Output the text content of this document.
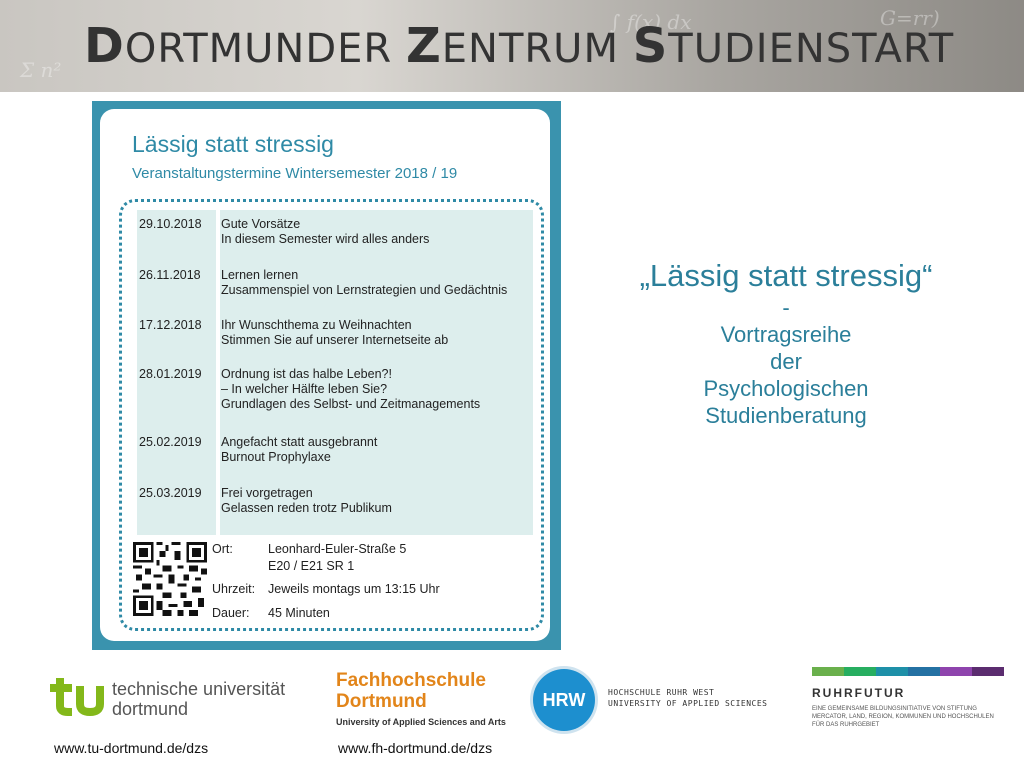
∫ f(x) dx	G=rr)
Σ n² DORTMUNDER ZENTRUM STUDIENSTART
Lässig statt stressig
Veranstaltungstermine Wintersemester 2018 / 19
29.10.2018 Gute Vorsätze
In diesem Semester wird alles anders
26.11.2018 Lernen lernen
Zusammenspiel von Lernstrategien und Gedächtnis
17.12.2018 Ihr Wunschthema zu Weihnachten
Stimmen Sie auf unserer Internetseite ab
28.01.2019 Ordnung ist das halbe Leben?!
– In welcher Hälfte leben Sie?
Grundlagen des Selbst- und Zeitmanagements
25.02.2019 Angefacht statt ausgebrannt
Burnout Prophylaxe
25.03.2019 Frei vorgetragen
Gelassen reden trotz Publikum
Ort:	Leonhard-Euler-Straße 5
E20 / E21 SR 1
Uhrzeit: Jeweils montags um 13:15 Uhr
Dauer: 45 Minuten
„Lässig statt stressig“
-
Vortragsreihe
der
Psychologischen
Studienberatung
technische universität
dortmund
Fachhochschule
Dortmund
University of Applied Sciences and Arts
HRW	HOCHSCHULE RUHR WEST
UNIVERSITY OF APPLIED SCIENCES
RUHRFUTUR
EINE GEMEINSAME BILDUNGSINITIATIVE VON STIFTUNG MERCATOR, LAND, REGION, KOMMUNEN UND HOCHSCHULEN FÜR DAS RUHRGEBIET
www.tu-dortmund.de/dzs	www.fh-dortmund.de/dzs
